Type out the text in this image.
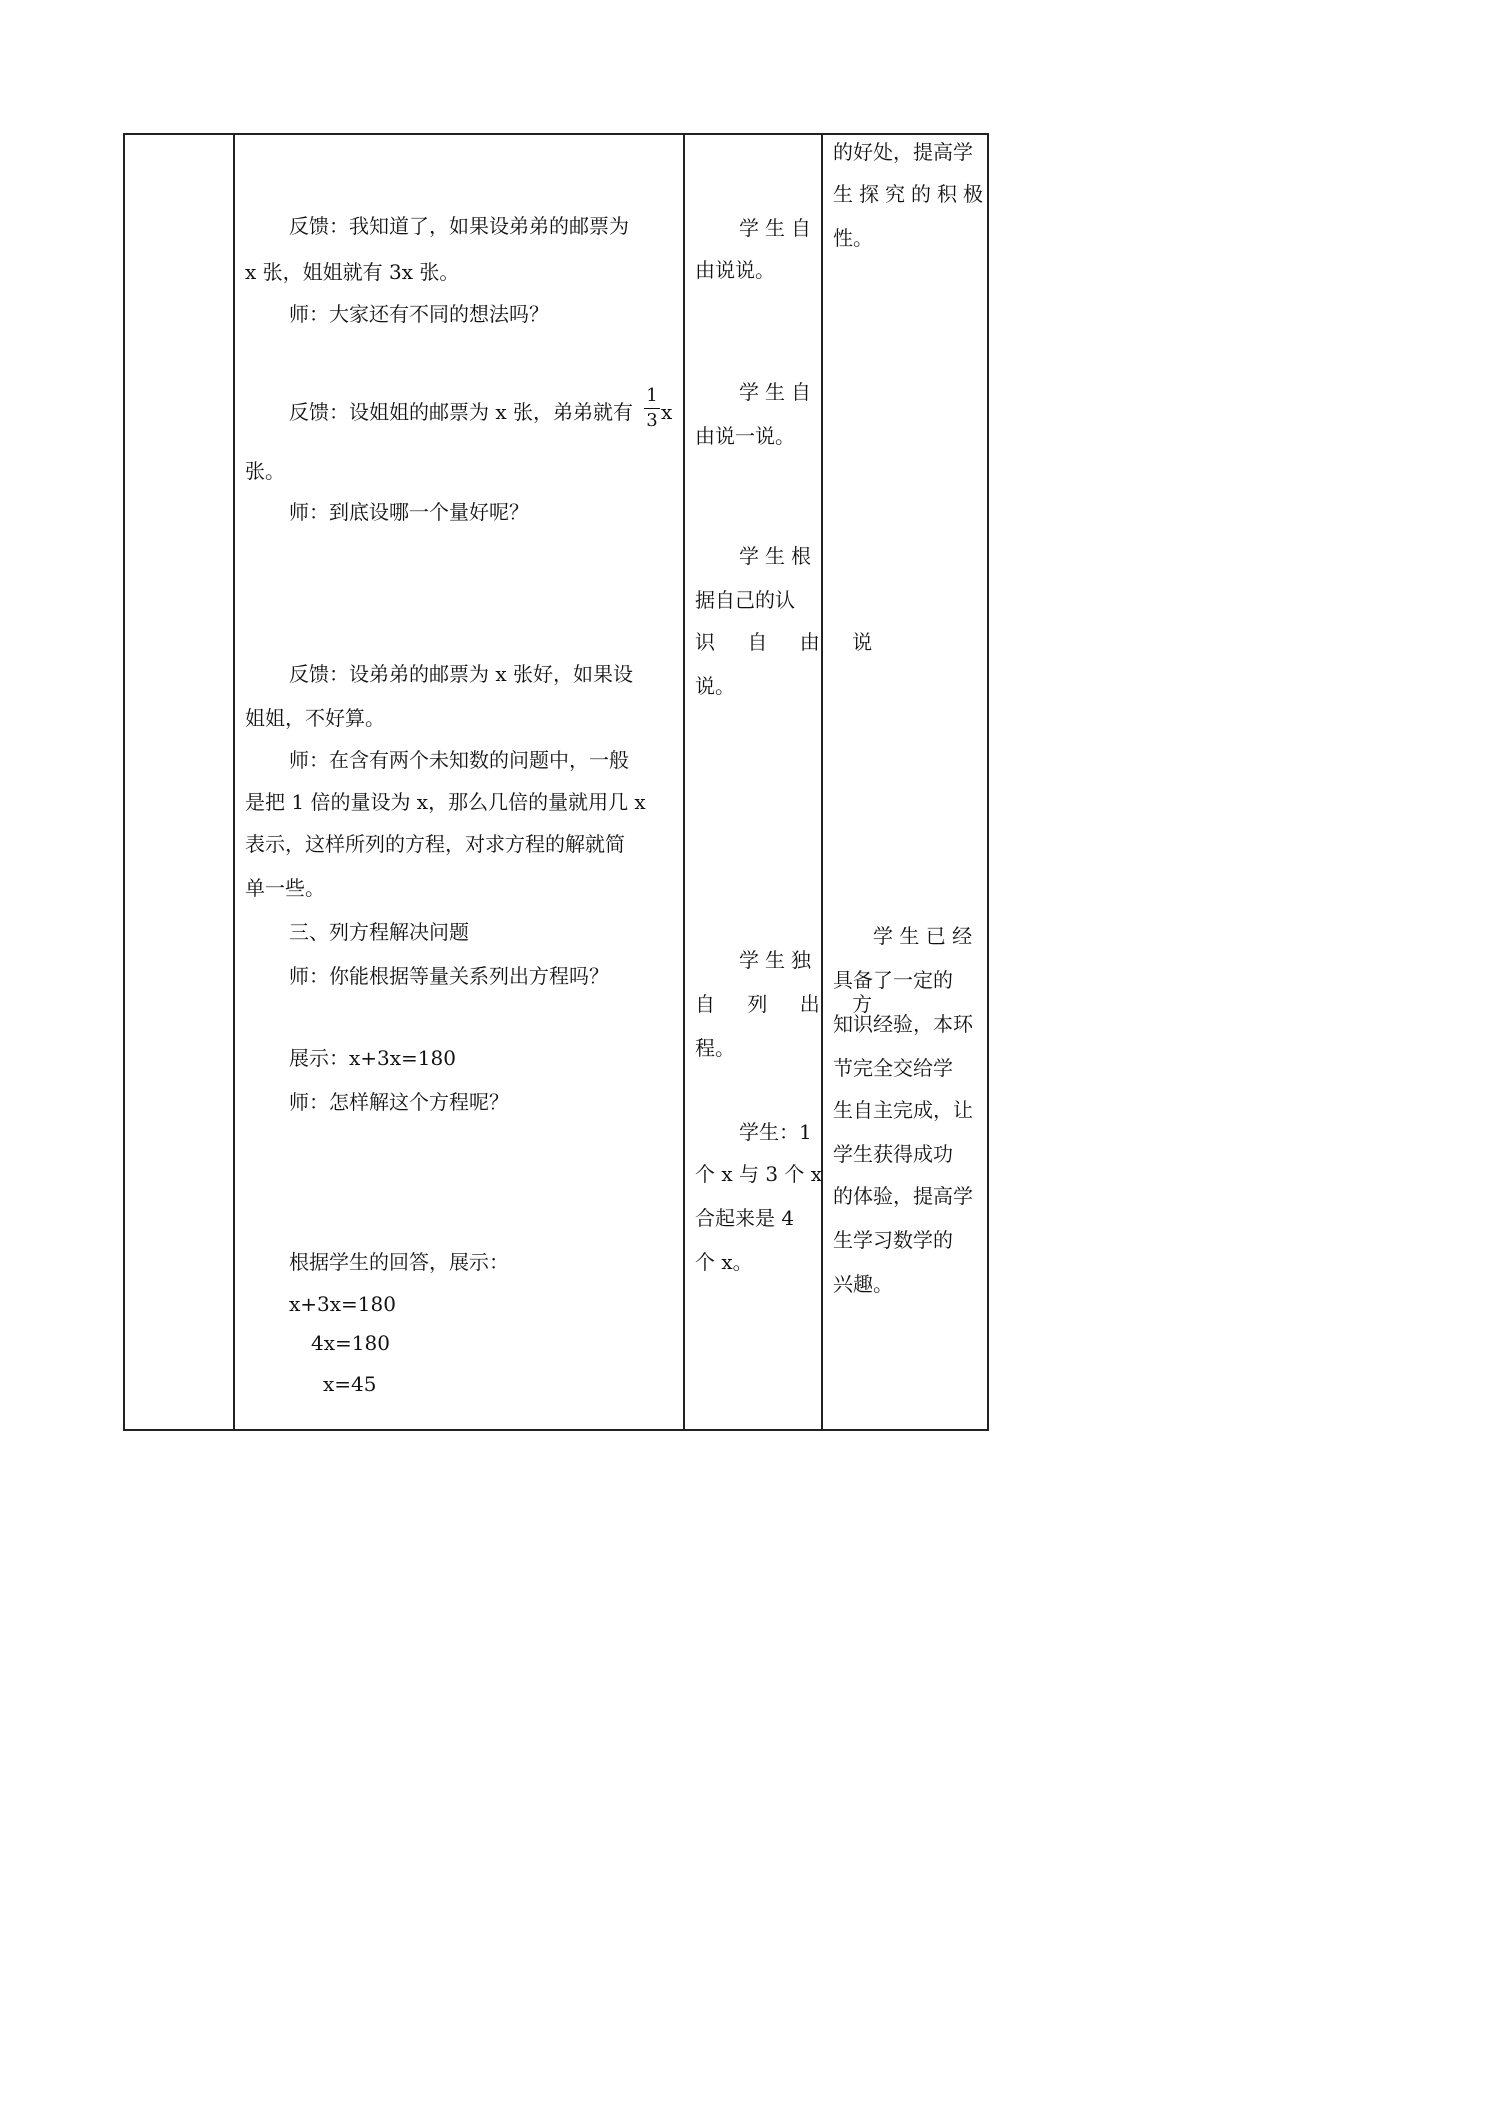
反馈：我知道了，如果设弟弟的邮票为
x 张，姐姐就有 3x 张。
师：大家还有不同的想法吗？
反馈：设姐姐的邮票为 x 张，弟弟就有
1
3 x
张。
师：到底设哪一个量好呢？
反馈：设弟弟的邮票为 x 张好，如果设
姐姐，不好算。
师：在含有两个未知数的问题中，一般
是把 1 倍的量设为 x，那么几倍的量就用几 x
表示，这样所列的方程，对求方程的解就简
单一些。
三、列方程解决问题
师：你能根据等量关系列出方程吗？
展示：x+3x=180
师：怎样解这个方程呢？
根据学生的回答，展示：
x+3x=180
4x=180
x=45
学生自
由说说。
学生自
由说一说。
学生根
据自己的认
识 自 由 说
说。
学生独
自 列 出 方
程。
学生：1
个 x 与 3 个 x
合起来是 4
个 x。
的好处，提高学
生探究的积极
性。
学 生 已 经
具备了一定的
知识经验，本环
节完全交给学
生自主完成，让
学生获得成功
的体验，提高学
生学习数学的
兴趣。
